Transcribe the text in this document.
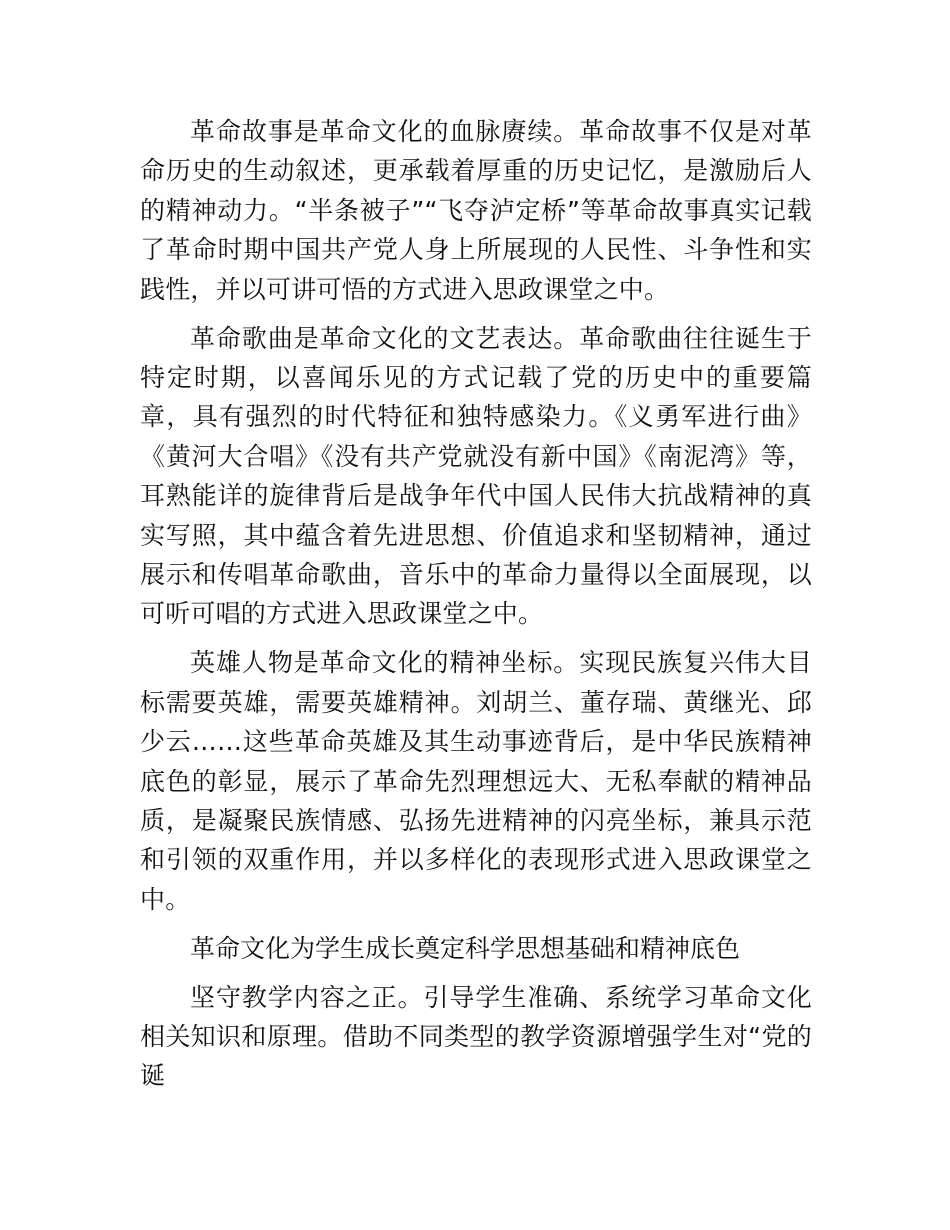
革命故事是革命文化的血脉赓续。革命故事不仅是对革命历史的生动叙述，更承载着厚重的历史记忆，是激励后人的精神动力。“半条被子”“飞夺泸定桥”等革命故事真实记载了革命时期中国共产党人身上所展现的人民性、斗争性和实践性，并以可讲可悟的方式进入思政课堂之中。

革命歌曲是革命文化的文艺表达。革命歌曲往往诞生于特定时期，以喜闻乐见的方式记载了党的历史中的重要篇章，具有强烈的时代特征和独特感染力。《义勇军进行曲》《黄河大合唱》《没有共产党就没有新中国》《南泥湾》等，耳熟能详的旋律背后是战争年代中国人民伟大抗战精神的真实写照，其中蕴含着先进思想、价值追求和坚韧精神，通过展示和传唱革命歌曲，音乐中的革命力量得以全面展现，以可听可唱的方式进入思政课堂之中。

英雄人物是革命文化的精神坐标。实现民族复兴伟大目标需要英雄，需要英雄精神。刘胡兰、董存瑞、黄继光、邱少云……这些革命英雄及其生动事迹背后，是中华民族精神底色的彰显，展示了革命先烈理想远大、无私奉献的精神品质，是凝聚民族情感、弘扬先进精神的闪亮坐标，兼具示范和引领的双重作用，并以多样化的表现形式进入思政课堂之中。

革命文化为学生成长奠定科学思想基础和精神底色

坚守教学内容之正。引导学生准确、系统学习革命文化相关知识和原理。借助不同类型的教学资源增强学生对“党的诞
